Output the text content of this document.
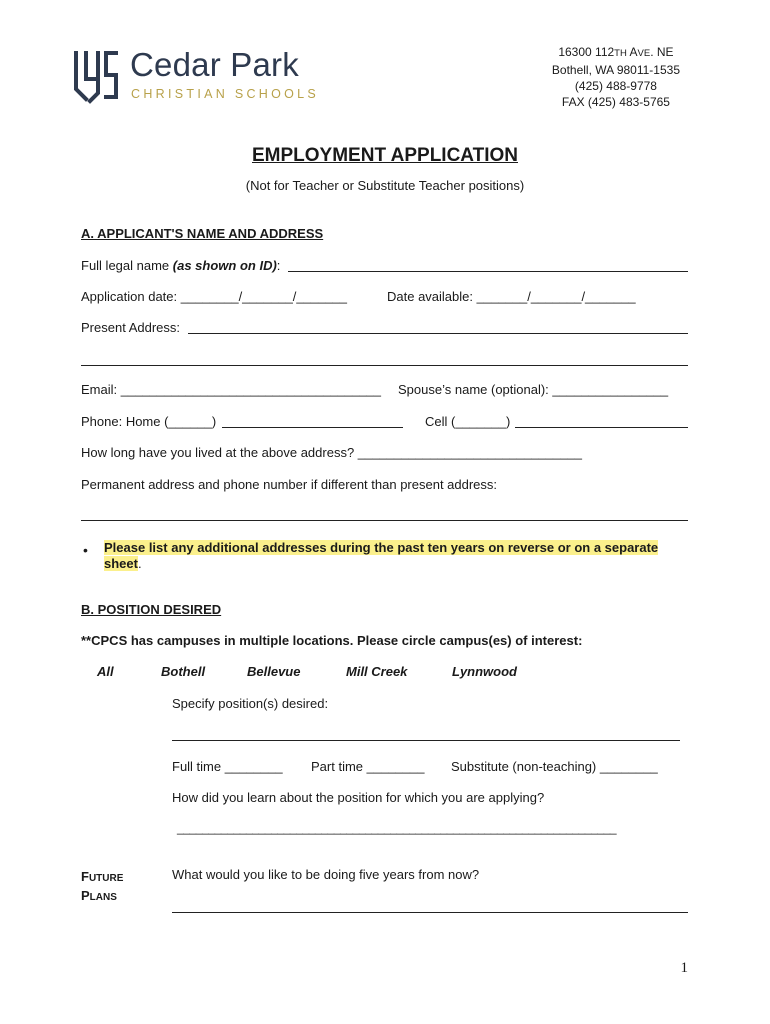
Cedar Park
CHRISTIAN SCHOOLS
16300 112TH AVE. NE
Bothell, WA 98011-1535
(425) 488-9778
FAX (425) 483-5765
EMPLOYMENT APPLICATION
(Not for Teacher or Substitute Teacher positions)
A. APPLICANT'S NAME AND ADDRESS
Full legal name (as shown on ID):
Application date: ________/_______/_______	Date available: _______/_______/_______
Present Address:
Email: ____________________________________ Spouse’s name (optional): ________________
Phone: Home (______)	Cell (_______)
How long have you lived at the above address? _______________________________
Permanent address and phone number if different than present address:
• Please list any additional addresses during the past ten years on reverse or on a separate sheet.
B. POSITION DESIRED
**CPCS has campuses in multiple locations. Please circle campus(es) of interest:
All	Bothell	Bellevue	Mill Creek	Lynnwood
Specify position(s) desired:
Full time ________ Part time ________ Substitute (non-teaching) ________
How did you learn about the position for which you are applying?
______________________________________________________________________
FUTURE
PLANS
What would you like to be doing five years from now?
1
